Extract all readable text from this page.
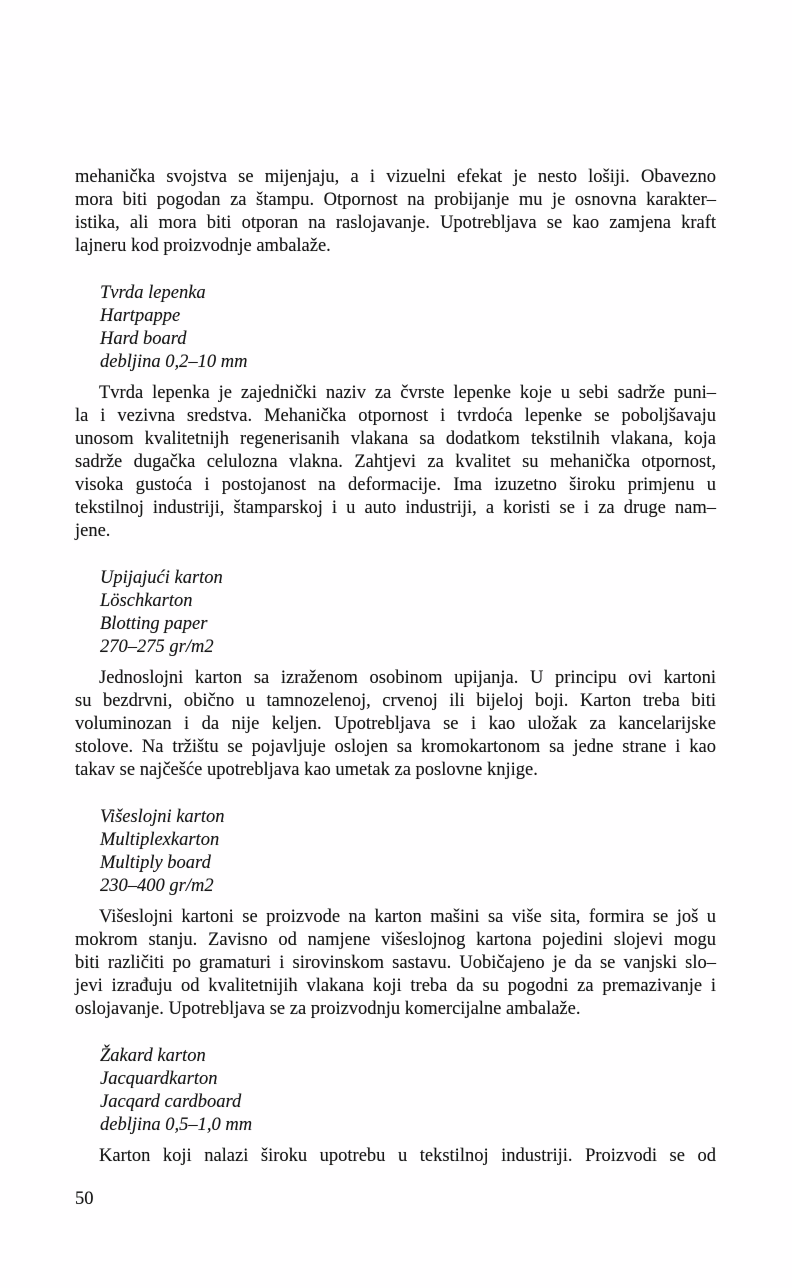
mehanička svojstva se mijenjaju, a i vizuelni efekat je nesto lošiji. Obavezno
mora biti pogodan za štampu. Otpornost na probijanje mu je osnovna karakter–
istika, ali mora biti otporan na raslojavanje. Upotrebljava se kao zamjena kraft
lajneru kod proizvodnje ambalaže.

Tvrda lepenka
Hartpappe
Hard board
debljina 0,2–10 mm

Tvrda lepenka je zajednički naziv za čvrste lepenke koje u sebi sadrže puni–
la i vezivna sredstva. Mehanička otpornost i tvrdoća lepenke se poboljšavaju
unosom kvalitetnijh regenerisanih vlakana sa dodatkom tekstilnih vlakana, koja
sadrže dugačka celulozna vlakna. Zahtjevi za kvalitet su mehanička otpornost,
visoka gustoća i postojanost na deformacije. Ima izuzetno široku primjenu u
tekstilnoj industriji, štamparskoj i u auto industriji, a koristi se i za druge nam–
jene.

Upijajući karton
Löschkarton
Blotting paper
270–275 gr/m2

Jednoslojni karton sa izraženom osobinom upijanja. U principu ovi kartoni
su bezdrvni, obično u tamnozelenoj, crvenoj ili bijeloj boji. Karton treba biti
voluminozan i da nije keljen. Upotrebljava se i kao uložak za kancelarijske
stolove. Na tržištu se pojavljuje oslojen sa kromokartonom sa jedne strane i kao
takav se najčešće upotrebljava kao umetak za poslovne knjige.

Višeslojni karton
Multiplexkarton
Multiply board
230–400 gr/m2

Višeslojni kartoni se proizvode na karton mašini sa više sita, formira se još u
mokrom stanju. Zavisno od namjene višeslojnog kartona pojedini slojevi mogu
biti različiti po gramaturi i sirovinskom sastavu. Uobičajeno je da se vanjski slo–
jevi izrađuju od kvalitetnijih vlakana koji treba da su pogodni za premazivanje i
oslojavanje. Upotrebljava se za proizvodnju komercijalne ambalaže.

Žakard karton
Jacquardkarton
Jacqard cardboard
debljina 0,5–1,0 mm

Karton koji nalazi široku upotrebu u tekstilnoj industriji. Proizvodi se od

50
